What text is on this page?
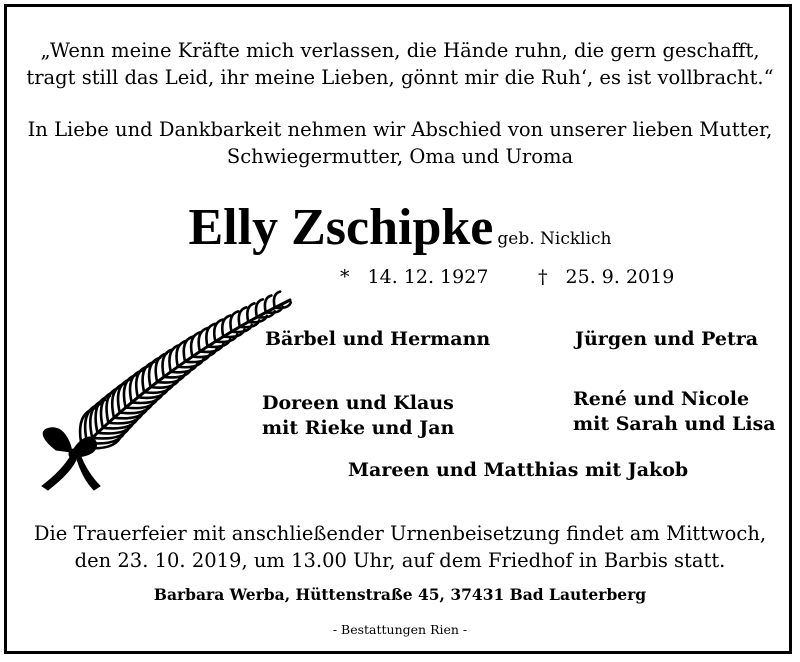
„Wenn meine Kräfte mich verlassen, die Hände ruhn, die gern geschafft,
tragt still das Leid, ihr meine Lieben, gönnt mir die Ruh‘, es ist vollbracht.“
In Liebe und Dankbarkeit nehmen wir Abschied von unserer lieben Mutter,
Schwiegermutter, Oma und Uroma
Elly Zschipke geb. Nicklich
* 14. 12. 1927	† 25. 9. 2019
Bärbel und Hermann	Jürgen und Petra
Doreen und Klaus
mit Rieke und Jan
René und Nicole
mit Sarah und Lisa
Mareen und Matthias mit Jakob
Die Trauerfeier mit anschließender Urnenbeisetzung findet am Mittwoch,
den 23. 10. 2019, um 13.00 Uhr, auf dem Friedhof in Barbis statt.
Barbara Werba, Hüttenstraße 45, 37431 Bad Lauterberg
- Bestattungen Rien -
